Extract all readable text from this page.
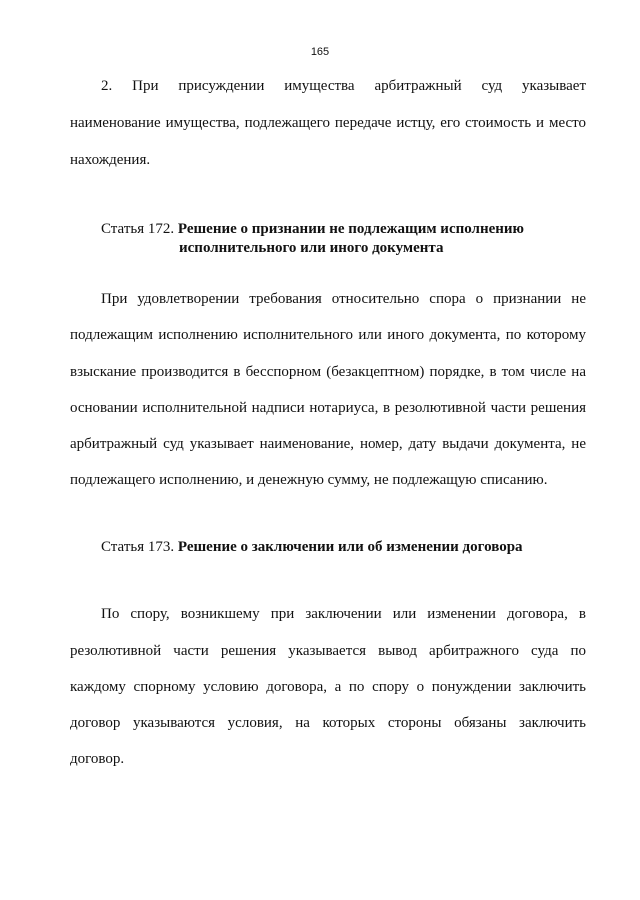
165
2. При присуждении имущества арбитражный суд указывает
наименование имущества, подлежащего передаче истцу, его стоимость и место
нахождения.
Статья 172. Решение о признании не подлежащим исполнению
исполнительного или иного документа
При удовлетворении требования относительно спора о признании не
подлежащим исполнению исполнительного или иного документа, по которому
взыскание производится в бесспорном (безакцептном) порядке, в том числе на
основании исполнительной надписи нотариуса, в резолютивной части решения
арбитражный суд указывает наименование, номер, дату выдачи документа, не
подлежащего исполнению, и денежную сумму, не подлежащую списанию.
Статья 173. Решение о заключении или об изменении договора
По спору, возникшему при заключении или изменении договора, в
резолютивной части решения указывается вывод арбитражного суда по
каждому спорному условию договора, а по спору о понуждении заключить
договор указываются условия, на которых стороны обязаны заключить
договор.
